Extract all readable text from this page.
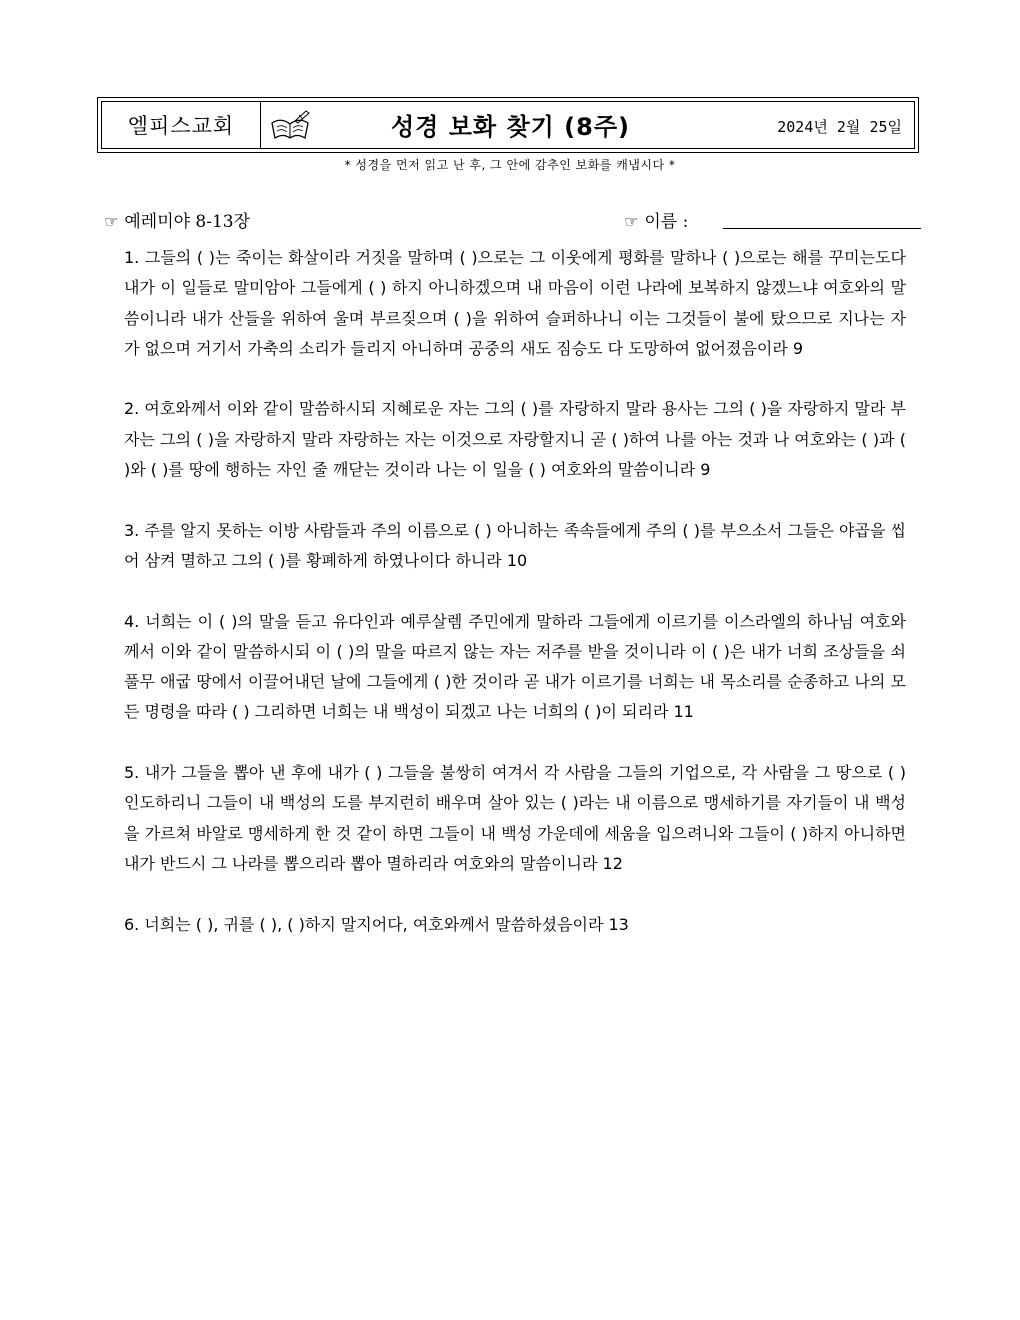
엘피스교회	성경 보화 찾기 (8주)	2024년 2월 25일
* 성경을 먼저 읽고 난 후, 그 안에 감추인 보화를 캐냅시다 *
☞ 예레미야 8-13장	☞ 이름 :

1. 그들의 ( )는 죽이는 화살이라 거짓을 말하며 ( )으로는 그 이웃에게 평화를 말하나 ( )으로는 해를 꾸미는도다 내가 이 일들로 말미암아 그들에게 ( ) 하지 아니하겠으며 내 마음이 이런 나라에 보복하지 않겠느냐 여호와의 말씀이니라 내가 산들을 위하여 울며 부르짖으며 ( )을 위하여 슬퍼하나니 이는 그것들이 불에 탔으므로 지나는 자가 없으며 거기서 가축의 소리가 들리지 아니하며 공중의 새도 짐승도 다 도망하여 없어졌음이라 9

2. 여호와께서 이와 같이 말씀하시되 지혜로운 자는 그의 ( )를 자랑하지 말라 용사는 그의 ( )을 자랑하지 말라 부자는 그의 ( )을 자랑하지 말라 자랑하는 자는 이것으로 자랑할지니 곧 ( )하여 나를 아는 것과 나 여호와는 ( )과 ( )와 ( )를 땅에 행하는 자인 줄 깨닫는 것이라 나는 이 일을 ( ) 여호와의 말씀이니라 9

3. 주를 알지 못하는 이방 사람들과 주의 이름으로 ( ) 아니하는 족속들에게 주의 ( )를 부으소서 그들은 야곱을 씹어 삼켜 멸하고 그의 ( )를 황폐하게 하였나이다 하니라 10

4. 너희는 이 ( )의 말을 듣고 유다인과 예루살렘 주민에게 말하라 그들에게 이르기를 이스라엘의 하나님 여호와께서 이와 같이 말씀하시되 이 ( )의 말을 따르지 않는 자는 저주를 받을 것이니라 이 ( )은 내가 너희 조상들을 쇠풀무 애굽 땅에서 이끌어내던 날에 그들에게 ( )한 것이라 곧 내가 이르기를 너희는 내 목소리를 순종하고 나의 모든 명령을 따라 ( ) 그리하면 너희는 내 백성이 되겠고 나는 너희의 ( )이 되리라 11

5. 내가 그들을 뽑아 낸 후에 내가 ( ) 그들을 불쌍히 여겨서 각 사람을 그들의 기업으로, 각 사람을 그 땅으로 ( ) 인도하리니 그들이 내 백성의 도를 부지런히 배우며 살아 있는 ( )라는 내 이름으로 맹세하기를 자기들이 내 백성을 가르쳐 바알로 맹세하게 한 것 같이 하면 그들이 내 백성 가운데에 세움을 입으려니와 그들이 ( )하지 아니하면 내가 반드시 그 나라를 뽑으리라 뽑아 멸하리라 여호와의 말씀이니라 12

6. 너희는 ( ), 귀를 ( ), ( )하지 말지어다, 여호와께서 말씀하셨음이라 13
